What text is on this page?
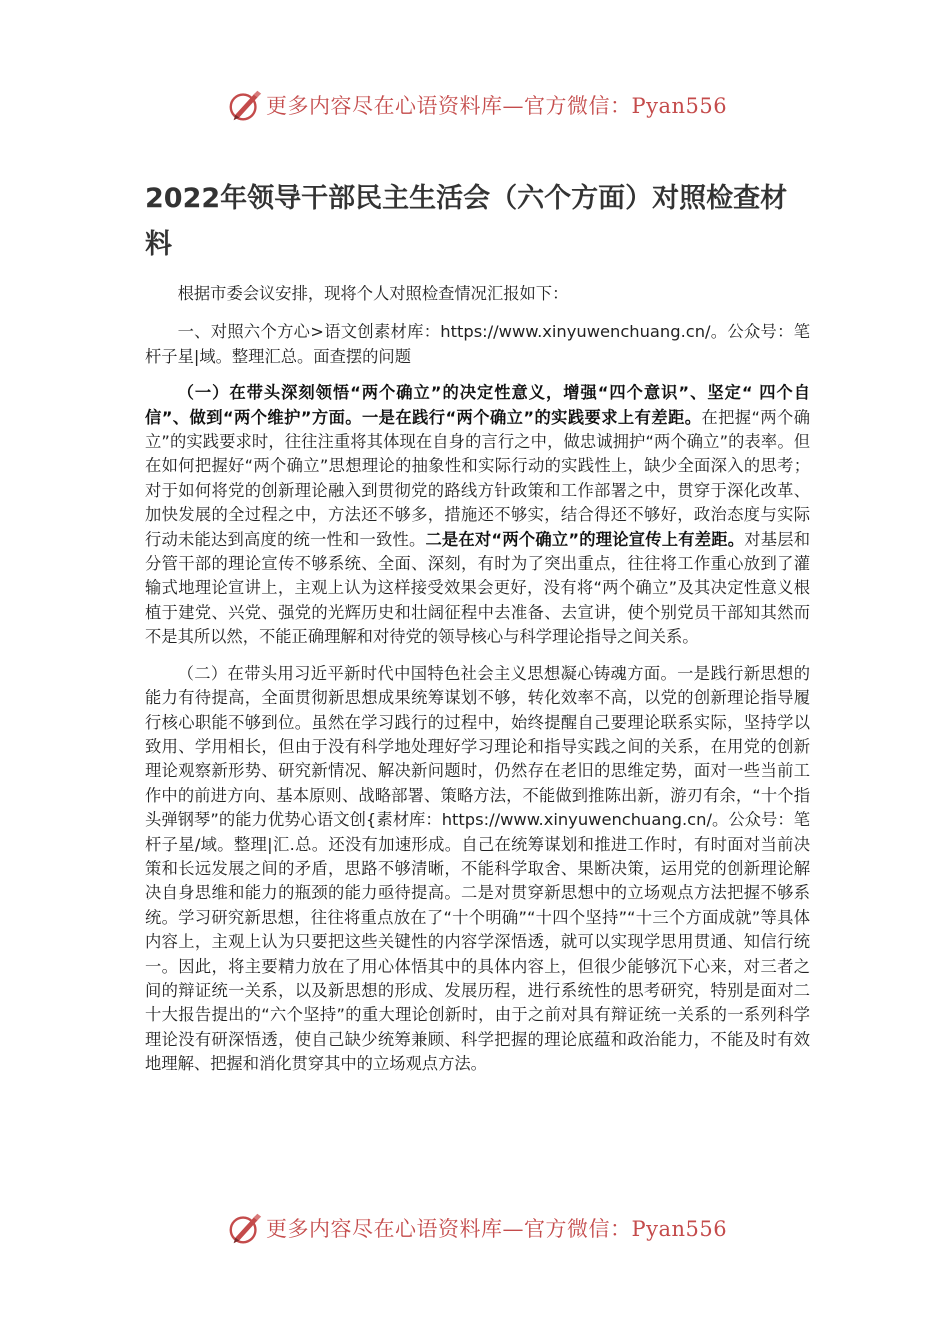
更多内容尽在心语资料库—官方微信：Pyan556
2022年领导干部民主生活会（六个方面）对照检查材料

根据市委会议安排，现将个人对照检查情况汇报如下：

一、对照六个方心>语文创素材库：https://www.xinyuwenchuang.cn/。公众号：笔杆子星|域。整理汇总。面查摆的问题

（一）在带头深刻领悟“两个确立”的决定性意义，增强“四个意识”、坚定“ 四个自信”、做到“两个维护”方面。一是在践行“两个确立”的实践要求上有差距。在把握“两个确立”的实践要求时，往往注重将其体现在自身的言行之中，做忠诚拥护“两个确立”的表率。但在如何把握好“两个确立”思想理论的抽象性和实际行动的实践性上，缺少全面深入的思考；对于如何将党的创新理论融入到贯彻党的路线方针政策和工作部署之中，贯穿于深化改革、加快发展的全过程之中，方法还不够多，措施还不够实，结合得还不够好，政治态度与实际行动未能达到高度的统一性和一致性。二是在对“两个确立”的理论宣传上有差距。对基层和分管干部的理论宣传不够系统、全面、深刻，有时为了突出重点，往往将工作重心放到了灌输式地理论宣讲上，主观上认为这样接受效果会更好，没有将“两个确立”及其决定性意义根植于建党、兴党、强党的光辉历史和壮阔征程中去准备、去宣讲，使个别党员干部知其然而不是其所以然，不能正确理解和对待党的领导核心与科学理论指导之间关系。

（二）在带头用习近平新时代中国特色社会主义思想凝心铸魂方面。一是践行新思想的能力有待提高，全面贯彻新思想成果统筹谋划不够，转化效率不高，以党的创新理论指导履行核心职能不够到位。虽然在学习践行的过程中，始终提醒自己要理论联系实际，坚持学以致用、学用相长，但由于没有科学地处理好学习理论和指导实践之间的关系，在用党的创新理论观察新形势、研究新情况、解决新问题时，仍然存在老旧的思维定势，面对一些当前工作中的前进方向、基本原则、战略部署、策略方法，不能做到推陈出新，游刃有余，“十个指头弹钢琴”的能力优势心语文创{素材库：https://www.xinyuwenchuang.cn/。公众号：笔杆子星/域。整理|汇.总。还没有加速形成。自己在统筹谋划和推进工作时，有时面对当前决策和长远发展之间的矛盾，思路不够清晰，不能科学取舍、果断决策，运用党的创新理论解决自身思维和能力的瓶颈的能力亟待提高。二是对贯穿新思想中的立场观点方法把握不够系统。学习研究新思想，往往将重点放在了“十个明确”“十四个坚持”“十三个方面成就”等具体内容上，主观上认为只要把这些关键性的内容学深悟透，就可以实现学思用贯通、知信行统一。因此，将主要精力放在了用心体悟其中的具体内容上，但很少能够沉下心来，对三者之间的辩证统一关系，以及新思想的形成、发展历程，进行系统性的思考研究，特别是面对二十大报告提出的“六个坚持”的重大理论创新时，由于之前对具有辩证统一关系的一系列科学理论没有研深悟透，使自己缺少统筹兼顾、科学把握的理论底蕴和政治能力，不能及时有效地理解、把握和消化贯穿其中的立场观点方法。

更多内容尽在心语资料库—官方微信：Pyan556
